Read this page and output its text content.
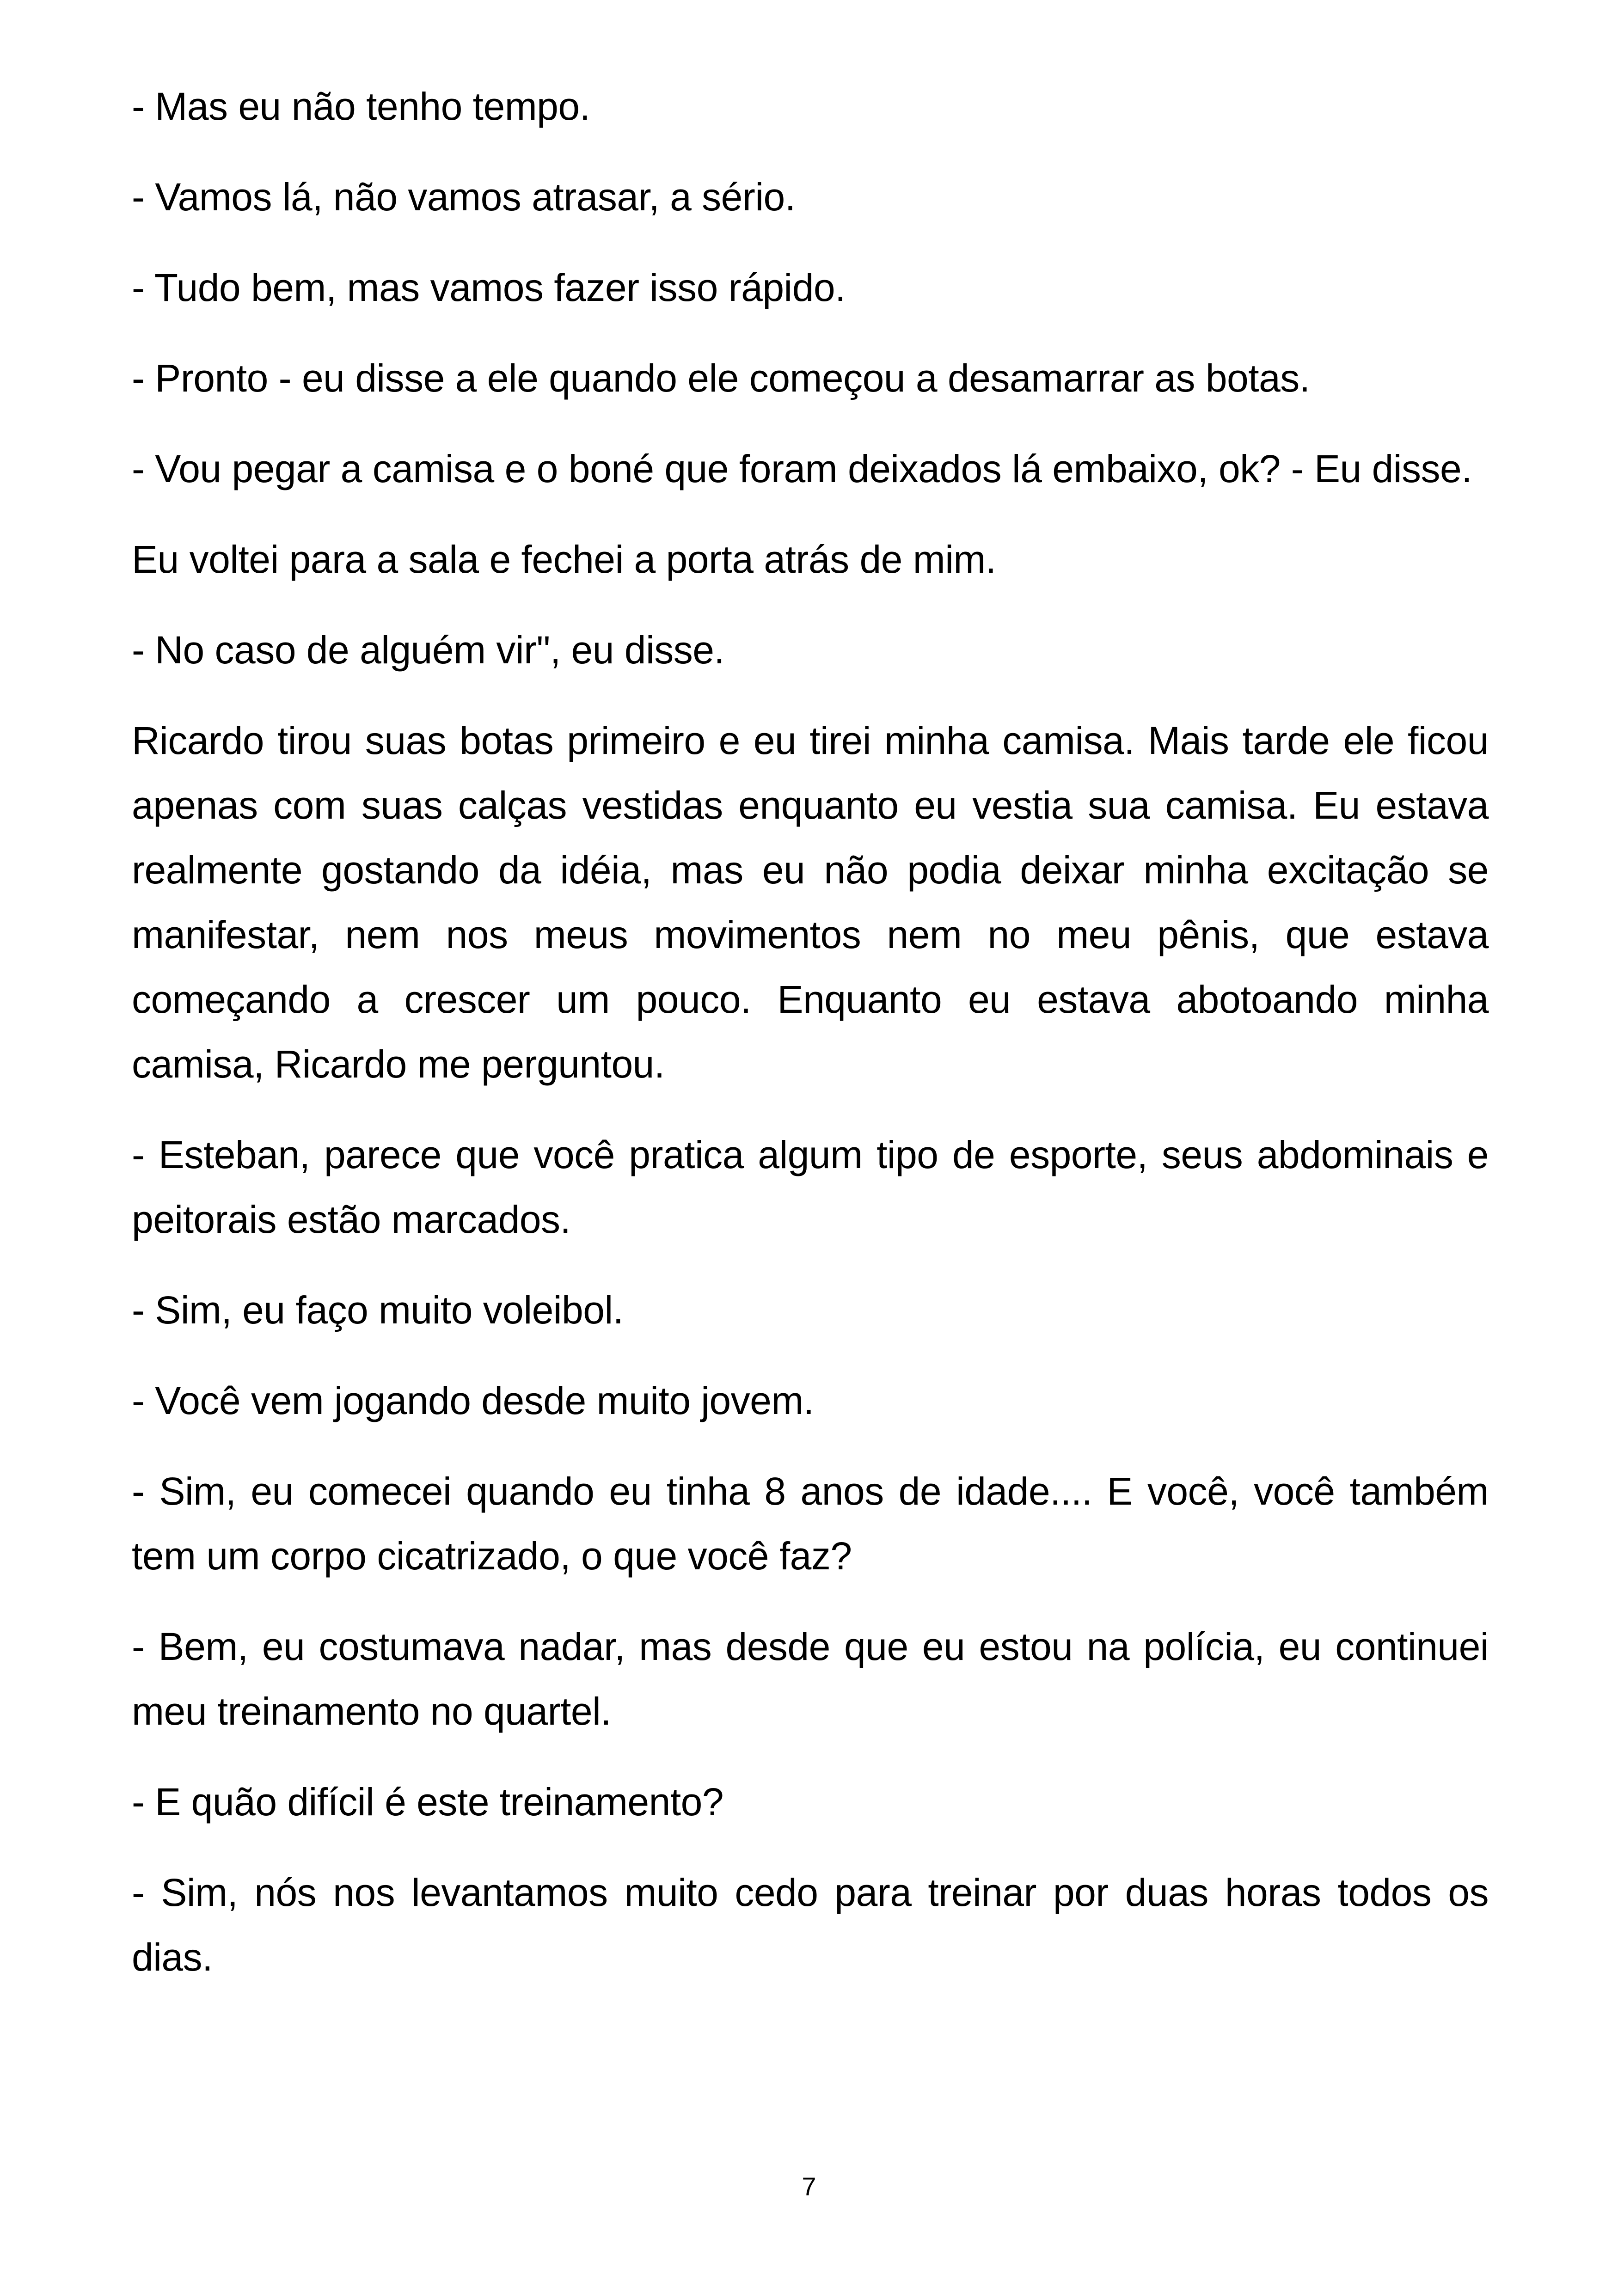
- Mas eu não tenho tempo.

- Vamos lá, não vamos atrasar, a sério.

- Tudo bem, mas vamos fazer isso rápido.

- Pronto - eu disse a ele quando ele começou a desamarrar as botas.

- Vou pegar a camisa e o boné que foram deixados lá embaixo, ok? - Eu disse.

Eu voltei para a sala e fechei a porta atrás de mim.

- No caso de alguém vir", eu disse.

Ricardo tirou suas botas primeiro e eu tirei minha camisa. Mais tarde ele ficou apenas com suas calças vestidas enquanto eu vestia sua camisa. Eu estava realmente gostando da idéia, mas eu não podia deixar minha excitação se manifestar, nem nos meus movimentos nem no meu pênis, que estava começando a crescer um pouco. Enquanto eu estava abotoando minha camisa, Ricardo me perguntou.

- Esteban, parece que você pratica algum tipo de esporte, seus abdominais e peitorais estão marcados.

- Sim, eu faço muito voleibol.

- Você vem jogando desde muito jovem.

- Sim, eu comecei quando eu tinha 8 anos de idade.... E você, você também tem um corpo cicatrizado, o que você faz?

- Bem, eu costumava nadar, mas desde que eu estou na polícia, eu continuei meu treinamento no quartel.

- E quão difícil é este treinamento?

- Sim, nós nos levantamos muito cedo para treinar por duas horas todos os dias.

7
